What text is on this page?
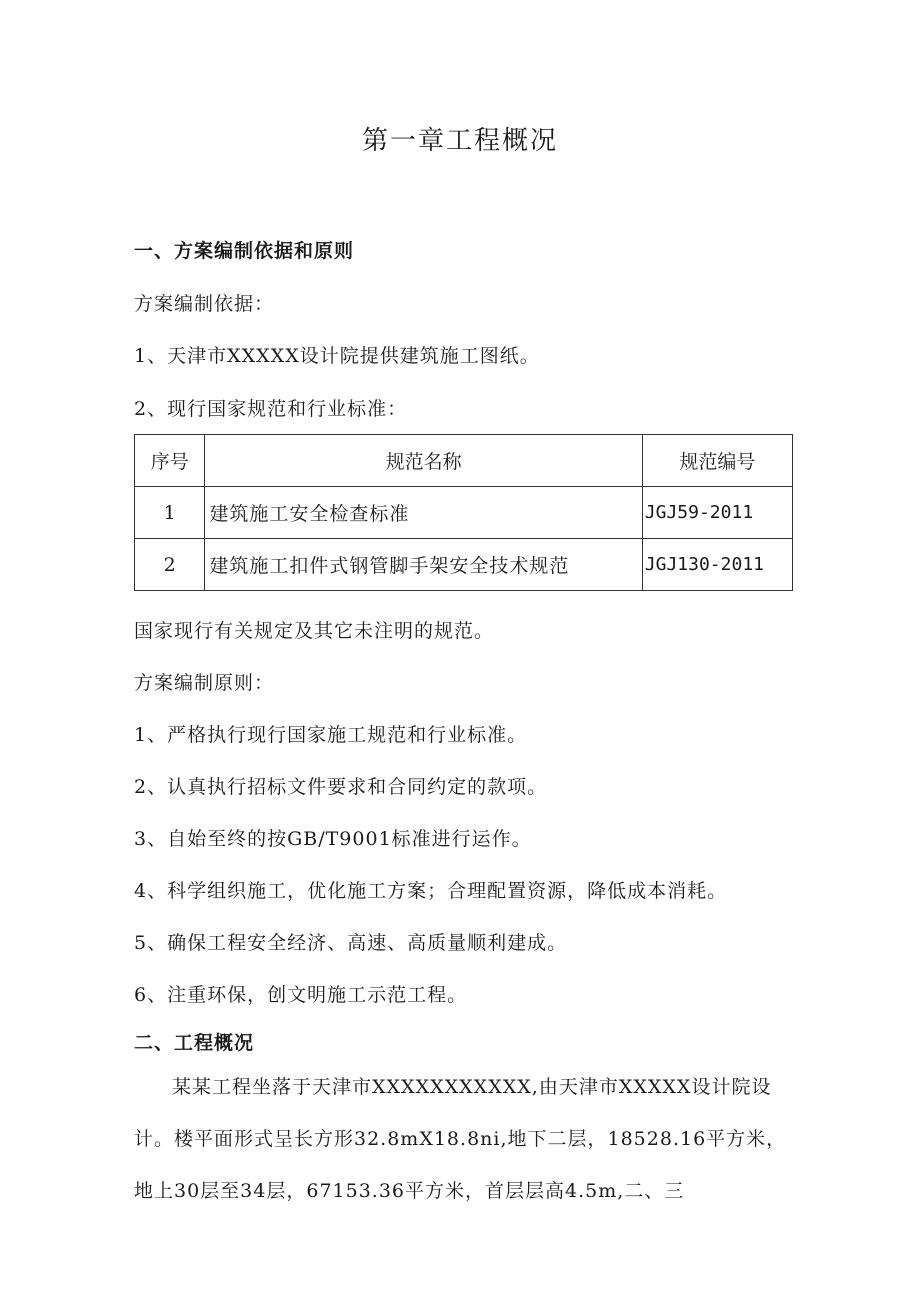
第一章工程概况
一、方案编制依据和原则
方案编制依据：
1、天津市XXXXX设计院提供建筑施工图纸。
2、现行国家规范和行业标准：
序号	规范名称	规范编号
1	建筑施工安全检查标准	JGJ59-2011
2	建筑施工扣件式钢管脚手架安全技术规范	JGJ130-2011
国家现行有关规定及其它未注明的规范。
方案编制原则：
1、严格执行现行国家施工规范和行业标准。
2、认真执行招标文件要求和合同约定的款项。
3、自始至终的按GB/T9001标准进行运作。
4、科学组织施工，优化施工方案；合理配置资源，降低成本消耗。
5、确保工程安全经济、高速、高质量顺利建成。
6、注重环保，创文明施工示范工程。
二、工程概况
某某工程坐落于天津市XXXXXXXXXXX,由天津市XXXXX设计院设计。楼平面形式呈长方形32.8mX18.8ni,地下二层，18528.16平方米，地上30层至34层，67153.36平方米，首层层高4.5m,二、三
